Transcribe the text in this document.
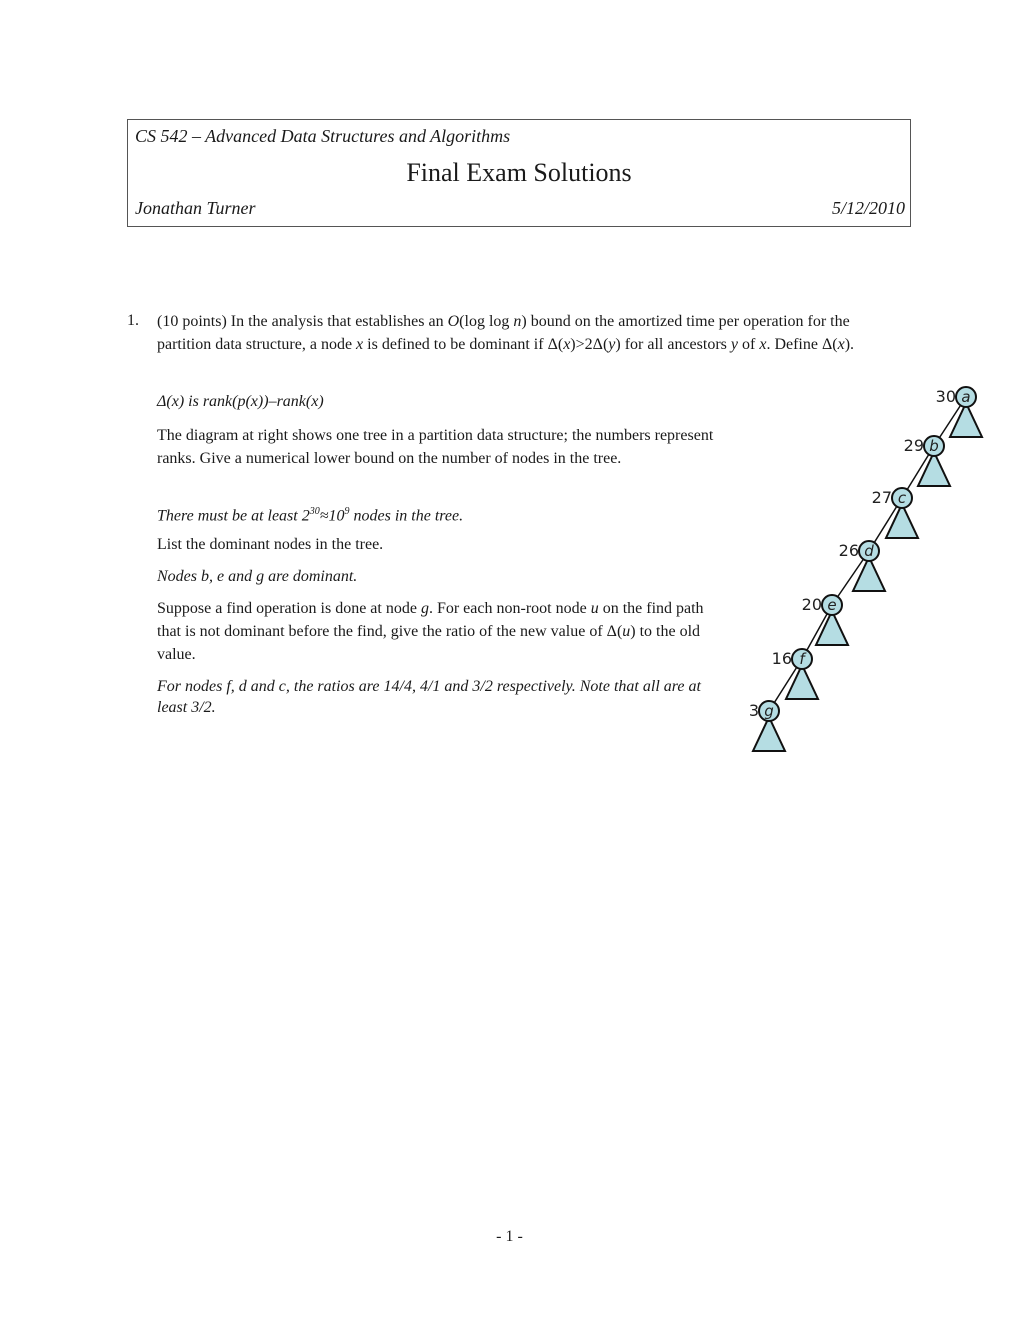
CS 542 – Advanced Data Structures and Algorithms
Final Exam Solutions
Jonathan Turner	5/12/2010
1. (10 points) In the analysis that establishes an O(log log n) bound on the amortized time per operation for the partition data structure, a node x is defined to be dominant if Δ(x)>2Δ(y) for all ancestors y of x. Define Δ(x).
Δ(x) is rank(p(x))–rank(x)
The diagram at right shows one tree in a partition data structure; the numbers represent ranks. Give a numerical lower bound on the number of nodes in the tree.
There must be at least $2^{30}\approx 10^9$ nodes in the tree.
List the dominant nodes in the tree.
Nodes b, e and g are dominant.
Suppose a find operation is done at node g. For each non-root node u on the find path that is not dominant before the find, give the ratio of the new value of Δ(u) to the old value.
For nodes f, d and c, the ratios are 14/4, 4/1 and 3/2 respectively. Note that all are at least 3/2.
a
30
b
29
c
27
d
26
e
20
f
16
g
3
- 1 -
